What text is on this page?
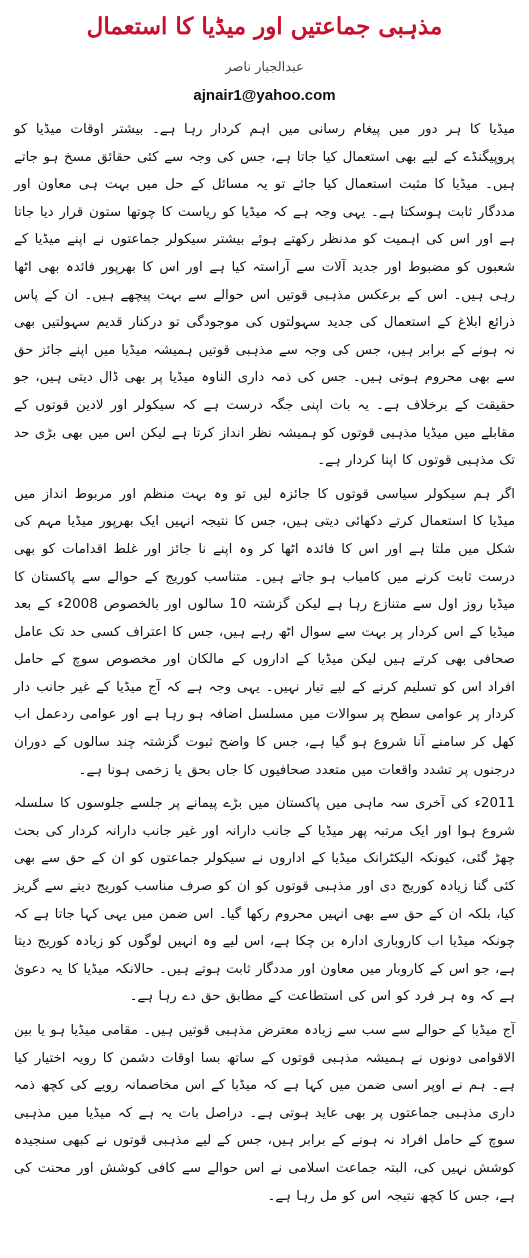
مذہبی جماعتیں اور میڈیا کا استعمال
عبدالجبار ناصر
ajnair1@yahoo.com

میڈیا کا ہر دور میں پیغام رسانی میں اہم کردار رہا ہے۔ بیشتر اوقات میڈیا کو پروپیگنڈے کے لیے بھی استعمال کیا جاتا ہے، جس کی وجہ سے کئی حقائق مسخ ہو جاتے ہیں۔ میڈیا کا مثبت استعمال کیا جائے تو یہ مسائل کے حل میں بہت ہی معاون اور مددگار ثابت ہوسکتا ہے۔ یہی وجہ ہے کہ میڈیا کو ریاست کا چوتھا ستون قرار دیا جاتا ہے اور اس کی اہمیت کو مدنظر رکھتے ہوئے بیشتر سیکولر جماعتوں نے اپنے میڈیا کے شعبوں کو مضبوط اور جدید آلات سے آراستہ کیا ہے اور اس کا بھرپور فائدہ بھی اٹھا رہی ہیں۔ اس کے برعکس مذہبی قوتیں اس حوالے سے بہت پیچھے ہیں۔ ان کے پاس ذرائع ابلاغ کے استعمال کی جدید سہولتوں کی موجودگی تو درکنار قدیم سہولتیں بھی نہ ہونے کے برابر ہیں، جس کی وجہ سے مذہبی قوتیں ہمیشہ میڈیا میں اپنے جائز حق سے بھی محروم ہوتی ہیں۔ جس کی ذمہ داری الناوہ میڈیا پر بھی ڈال دیتی ہیں، جو حقیقت کے برخلاف ہے۔ یہ بات اپنی جگہ درست ہے کہ سیکولر اور لادین قوتوں کے مقابلے میں میڈیا مذہبی قوتوں کو ہمیشہ نظر انداز کرتا ہے لیکن اس میں بھی بڑی حد تک مذہبی قوتوں کا اپنا کردار ہے۔

اگر ہم سیکولر سیاسی قوتوں کا جائزہ لیں تو وہ بہت منظم اور مربوط انداز میں میڈیا کا استعمال کرتے دکھائی دیتی ہیں، جس کا نتیجہ انہیں ایک بھرپور میڈیا مہم کی شکل میں ملتا ہے اور اس کا فائدہ اٹھا کر وہ اپنے نا جائز اور غلط اقدامات کو بھی درست ثابت کرنے میں کامیاب ہو جاتے ہیں۔ متناسب کوریج کے حوالے سے پاکستان کا میڈیا روز اول سے متنازع رہا ہے لیکن گزشتہ 10 سالوں اور بالخصوص 2008ء کے بعد میڈیا کے اس کردار پر بہت سے سوال اٹھ رہے ہیں، جس کا اعتراف کسی حد تک عامل صحافی بھی کرتے ہیں لیکن میڈیا کے اداروں کے مالکان اور مخصوص سوچ کے حامل افراد اس کو تسلیم کرنے کے لیے تیار نہیں۔ یہی وجہ ہے کہ آج میڈیا کے غیر جانب دار کردار پر عوامی سطح پر سوالات میں مسلسل اضافہ ہو رہا ہے اور عوامی ردعمل اب کھل کر سامنے آنا شروع ہو گیا ہے، جس کا واضح ثبوت گزشتہ چند سالوں کے دوران درجنوں پر تشدد واقعات میں متعدد صحافیوں کا جاں بحق یا زخمی ہونا ہے۔

2011ء کی آخری سہ ماہی میں پاکستان میں بڑے پیمانے پر جلسے جلوسوں کا سلسلہ شروع ہوا اور ایک مرتبہ پھر میڈیا کے جانب دارانہ اور غیر جانب دارانہ کردار کی بحث چھڑ گئی، کیونکہ الیکٹرانک میڈیا کے اداروں نے سیکولر جماعتوں کو ان کے حق سے بھی کئی گنا زیادہ کوریج دی اور مذہبی قوتوں کو ان کو صرف مناسب کوریج دینے سے گریز کیا، بلکہ ان کے حق سے بھی انہیں محروم رکھا گیا۔ اس ضمن میں یہی کہا جاتا ہے کہ چونکہ میڈیا اب کاروباری ادارہ بن چکا ہے، اس لیے وہ انہیں لوگوں کو زیادہ کوریج دیتا ہے، جو اس کے کاروبار میں معاون اور مددگار ثابت ہوتے ہیں۔ حالانکہ میڈیا کا یہ دعویٰ ہے کہ وہ ہر فرد کو اس کی استطاعت کے مطابق حق دے رہا ہے۔

آج میڈیا کے حوالے سے سب سے زیادہ معترض مذہبی قوتیں ہیں۔ مقامی میڈیا ہو یا بین الاقوامی دونوں نے ہمیشہ مذہبی قوتوں کے ساتھ بسا اوقات دشمن کا رویہ اختیار کیا ہے۔ ہم نے اوپر اسی ضمن میں کہا ہے کہ میڈیا کے اس مخاصمانہ رویے کی کچھ ذمہ داری مذہبی جماعتوں پر بھی عاید ہوتی ہے۔ دراصل بات یہ ہے کہ میڈیا میں مذہبی سوچ کے حامل افراد نہ ہونے کے برابر ہیں، جس کے لیے مذہبی قوتوں نے کبھی سنجیدہ کوشش نہیں کی، البتہ جماعت اسلامی نے اس حوالے سے کافی کوشش اور محنت کی ہے، جس کا کچھ نتیجہ اس کو مل رہا ہے۔
